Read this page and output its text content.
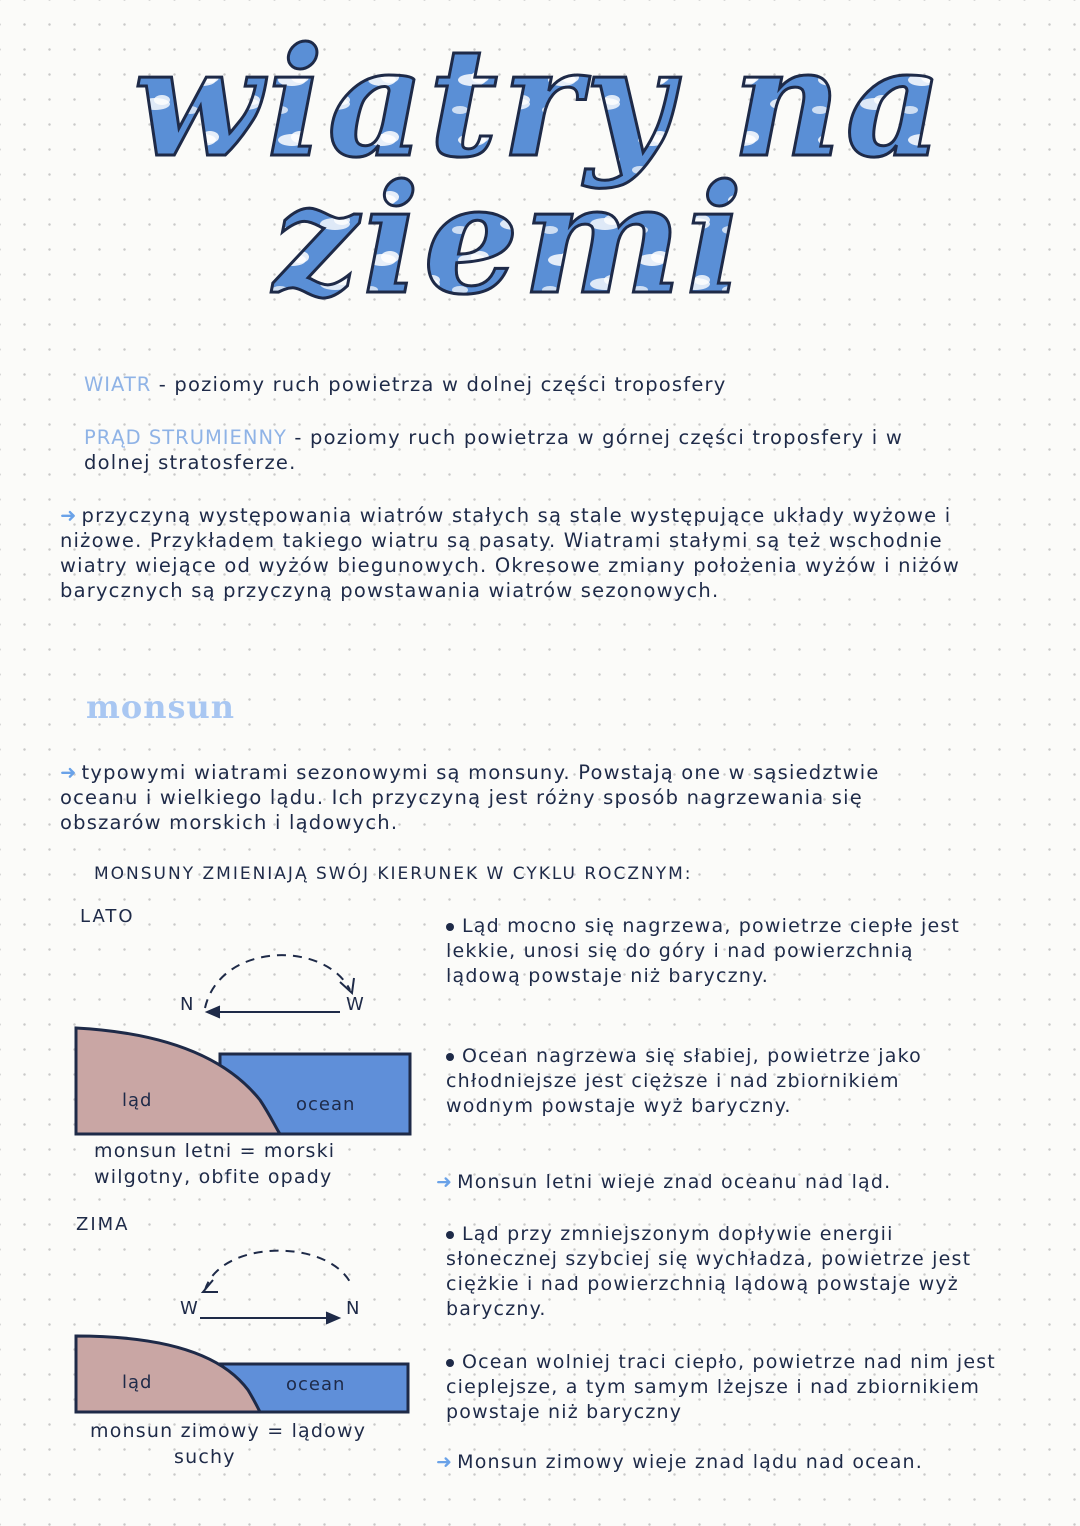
wiatry na
ziemi
WIATR - poziomy ruch powietrza w dolnej części troposfery
PRĄD STRUMIENNY - poziomy ruch powietrza w górnej części troposfery i w dolnej stratosferze.
➜ przyczyną występowania wiatrów stałych są stale występujące układy wyżowe i niżowe. Przykładem takiego wiatru są pasaty. Wiatrami stałymi są też wschodnie wiatry wiejące od wyżów biegunowych. Okresowe zmiany położenia wyżów i niżów barycznych są przyczyną powstawania wiatrów sezonowych.
monsun
➜ typowymi wiatrami sezonowymi są monsuny. Powstają one w sąsiedztwie oceanu i wielkiego lądu. Ich przyczyną jest różny sposób nagrzewania się obszarów morskich i lądowych.
MONSUNY ZMIENIAJĄ SWÓJ KIERUNEK W CYKLU ROCZNYM:
LATO
N	W
ląd	ocean
monsun letni = morski
wilgotny, obfite opady
Ląd mocno się nagrzewa, powietrze ciepłe jest lekkie, unosi się do góry i nad powierzchnią lądową powstaje niż baryczny.
Ocean nagrzewa się słabiej, powietrze jako chłodniejsze jest cięższe i nad zbiornikiem wodnym powstaje wyż baryczny.
➜ Monsun letni wieje znad oceanu nad ląd.
ZIMA
W	N
ląd	ocean
monsun zimowy = lądowy
suchy
Ląd przy zmniejszonym dopływie energii słonecznej szybciej się wychładza, powietrze jest ciężkie i nad powierzchnią lądową powstaje wyż baryczny.
Ocean wolniej traci ciepło, powietrze nad nim jest cieplejsze, a tym samym lżejsze i nad zbiornikiem powstaje niż baryczny
➜ Monsun zimowy wieje znad lądu nad ocean.
